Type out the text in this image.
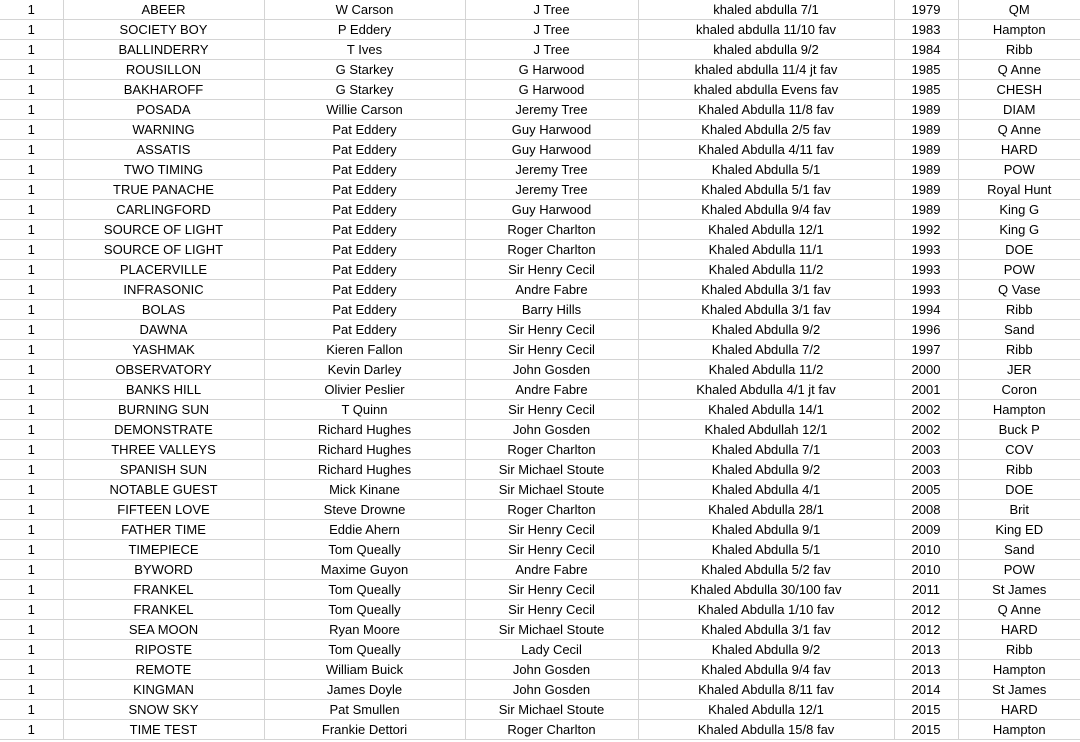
1	ABEER	W Carson	J Tree	khaled abdulla 7/1	1979	QM
1	SOCIETY BOY	P Eddery	J Tree	khaled abdulla 11/10 fav	1983	Hampton
1	BALLINDERRY	T Ives	J Tree	khaled abdulla 9/2	1984	Ribb
1	ROUSILLON	G Starkey	G Harwood	khaled abdulla 11/4 jt fav	1985	Q Anne
1	BAKHAROFF	G Starkey	G Harwood	khaled abdulla Evens fav	1985	CHESH
1	POSADA	Willie Carson	Jeremy Tree	Khaled Abdulla 11/8 fav	1989	DIAM
1	WARNING	Pat Eddery	Guy Harwood	Khaled Abdulla 2/5 fav	1989	Q Anne
1	ASSATIS	Pat Eddery	Guy Harwood	Khaled Abdulla 4/11 fav	1989	HARD
1	TWO TIMING	Pat Eddery	Jeremy Tree	Khaled Abdulla 5/1	1989	POW
1	TRUE PANACHE	Pat Eddery	Jeremy Tree	Khaled Abdulla 5/1 fav	1989	Royal Hunt
1	CARLINGFORD	Pat Eddery	Guy Harwood	Khaled Abdulla 9/4 fav	1989	King G
1	SOURCE OF LIGHT	Pat Eddery	Roger Charlton	Khaled Abdulla 12/1	1992	King G
1	SOURCE OF LIGHT	Pat Eddery	Roger Charlton	Khaled Abdulla 11/1	1993	DOE
1	PLACERVILLE	Pat Eddery	Sir Henry Cecil	Khaled Abdulla 11/2	1993	POW
1	INFRASONIC	Pat Eddery	Andre Fabre	Khaled Abdulla 3/1 fav	1993	Q Vase
1	BOLAS	Pat Eddery	Barry Hills	Khaled Abdulla 3/1 fav	1994	Ribb
1	DAWNA	Pat Eddery	Sir Henry Cecil	Khaled Abdulla 9/2	1996	Sand
1	YASHMAK	Kieren Fallon	Sir Henry Cecil	Khaled Abdulla 7/2	1997	Ribb
1	OBSERVATORY	Kevin Darley	John Gosden	Khaled Abdulla 11/2	2000	JER
1	BANKS HILL	Olivier Peslier	Andre Fabre	Khaled Abdulla 4/1 jt fav	2001	Coron
1	BURNING SUN	T Quinn	Sir Henry Cecil	Khaled Abdulla 14/1	2002	Hampton
1	DEMONSTRATE	Richard Hughes	John Gosden	Khaled Abdullah 12/1	2002	Buck P
1	THREE VALLEYS	Richard Hughes	Roger Charlton	Khaled Abdulla 7/1	2003	COV
1	SPANISH SUN	Richard Hughes	Sir Michael Stoute	Khaled Abdulla 9/2	2003	Ribb
1	NOTABLE GUEST	Mick Kinane	Sir Michael Stoute	Khaled Abdulla 4/1	2005	DOE
1	FIFTEEN LOVE	Steve Drowne	Roger Charlton	Khaled Abdulla 28/1	2008	Brit
1	FATHER TIME	Eddie Ahern	Sir Henry Cecil	Khaled Abdulla 9/1	2009	King ED
1	TIMEPIECE	Tom Queally	Sir Henry Cecil	Khaled Abdulla 5/1	2010	Sand
1	BYWORD	Maxime Guyon	Andre Fabre	Khaled Abdulla 5/2 fav	2010	POW
1	FRANKEL	Tom Queally	Sir Henry Cecil	Khaled Abdulla 30/100 fav	2011	St James
1	FRANKEL	Tom Queally	Sir Henry Cecil	Khaled Abdulla 1/10 fav	2012	Q Anne
1	SEA MOON	Ryan Moore	Sir Michael Stoute	Khaled Abdulla 3/1 fav	2012	HARD
1	RIPOSTE	Tom Queally	Lady Cecil	Khaled Abdulla 9/2	2013	Ribb
1	REMOTE	William Buick	John Gosden	Khaled Abdulla 9/4 fav	2013	Hampton
1	KINGMAN	James Doyle	John Gosden	Khaled Abdulla 8/11 fav	2014	St James
1	SNOW SKY	Pat Smullen	Sir Michael Stoute	Khaled Abdulla 12/1	2015	HARD
1	TIME TEST	Frankie Dettori	Roger Charlton	Khaled Abdulla 15/8 fav	2015	Hampton
